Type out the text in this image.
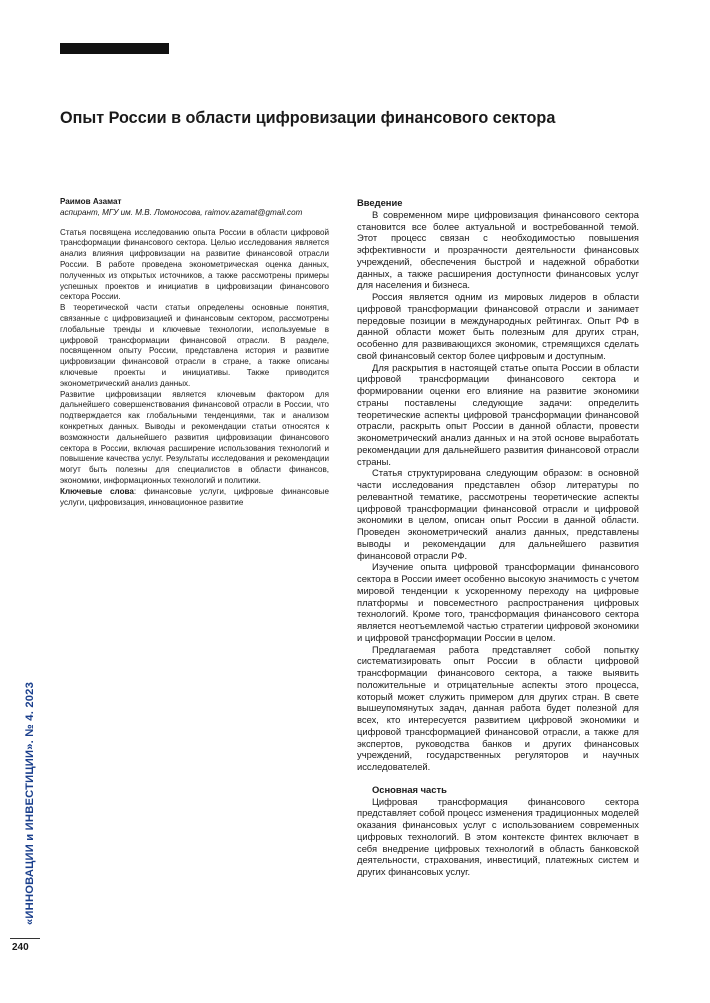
Опыт России в области цифровизации финансового сектора
Раимов Азамат
аспирант, МГУ им. М.В. Ломоносова, raimov.azamat@gmail.com

Статья посвящена исследованию опыта России в области цифровой трансформации финансового сектора. Целью исследования является анализ влияния цифровизации на развитие финансовой отрасли России. В работе проведена эконометрическая оценка данных, полученных из открытых источников, а также рассмотрены примеры успешных проектов и инициатив в цифровизации финансового сектора России.

В теоретической части статьи определены основные понятия, связанные с цифровизацией и финансовым сектором, рассмотрены глобальные тренды и ключевые технологии, используемые в цифровой трансформации финансовой отрасли. В разделе, посвященном опыту России, представлена история и развитие цифровизации финансовой отрасли в стране, а также описаны ключевые проекты и инициативы. Также приводится эконометрический анализ данных.

Развитие цифровизации является ключевым фактором для дальнейшего совершенствования финансовой отрасли в России, что подтверждается как глобальными тенденциями, так и анализом конкретных данных. Выводы и рекомендации статьи относятся к возможности дальнейшего развития цифровизации финансового сектора в России, включая расширение использования технологий и повышение качества услуг. Результаты исследования и рекомендации могут быть полезны для специалистов в области финансов, экономики, информационных технологий и политики.

Ключевые слова: финансовые услуги, цифровые финансовые услуги, цифровизация, инновационное развитие

Введение

В современном мире цифровизация финансового сектора становится все более актуальной и востребованной темой. Этот процесс связан с необходимостью повышения эффективности и прозрачности деятельности финансовых учреждений, обеспечения быстрой и надежной обработки данных, а также расширения доступности финансовых услуг для населения и бизнеса.

Россия является одним из мировых лидеров в области цифровой трансформации финансовой отрасли и занимает передовые позиции в международных рейтингах. Опыт РФ в данной области может быть полезным для других стран, особенно для развивающихся экономик, стремящихся сделать свой финансовый сектор более цифровым и доступным.

Для раскрытия в настоящей статье опыта России в области цифровой трансформации финансового сектора и формировании оценки его влияние на развитие экономики страны поставлены следующие задачи: определить теоретические аспекты цифровой трансформации финансовой отрасли, раскрыть опыт России в данной области, провести эконометрический анализ данных и на этой основе выработать рекомендации для дальнейшего развития финансовой отрасли страны.

Статья структурирована следующим образом: в основной части исследования представлен обзор литературы по релевантной тематике, рассмотрены теоретические аспекты цифровой трансформации финансовой отрасли и цифровой экономики в целом, описан опыт России в данной области. Проведен эконометрический анализ данных, представлены выводы и рекомендации для дальнейшего развития финансовой отрасли РФ.

Изучение опыта цифровой трансформации финансового сектора в России имеет особенно высокую значимость с учетом мировой тенденции к ускоренному переходу на цифровые платформы и повсеместного распространения цифровых технологий. Кроме того, трансформация финансового сектора является неотъемлемой частью стратегии цифровой экономики и цифровой трансформации России в целом.

Предлагаемая работа представляет собой попытку систематизировать опыт России в области цифровой трансформации финансового сектора, а также выявить положительные и отрицательные аспекты этого процесса, который может служить примером для других стран. В свете вышеупомянутых задач, данная работа будет полезной для всех, кто интересуется развитием цифровой экономики и цифровой трансформацией финансовой отрасли, а также для экспертов, руководства банков и других финансовых учреждений, государственных регуляторов и научных исследователей.

Основная часть

Цифровая трансформация финансового сектора представляет собой процесс изменения традиционных моделей оказания финансовых услуг с использованием современных цифровых технологий. В этом контексте финтех включает в себя внедрение цифровых технологий в область банковской деятельности, страхования, инвестиций, платежных систем и других финансовых услуг.

«ИННОВАЦИИ и ИНВЕСТИЦИИ». № 4. 2023
240
